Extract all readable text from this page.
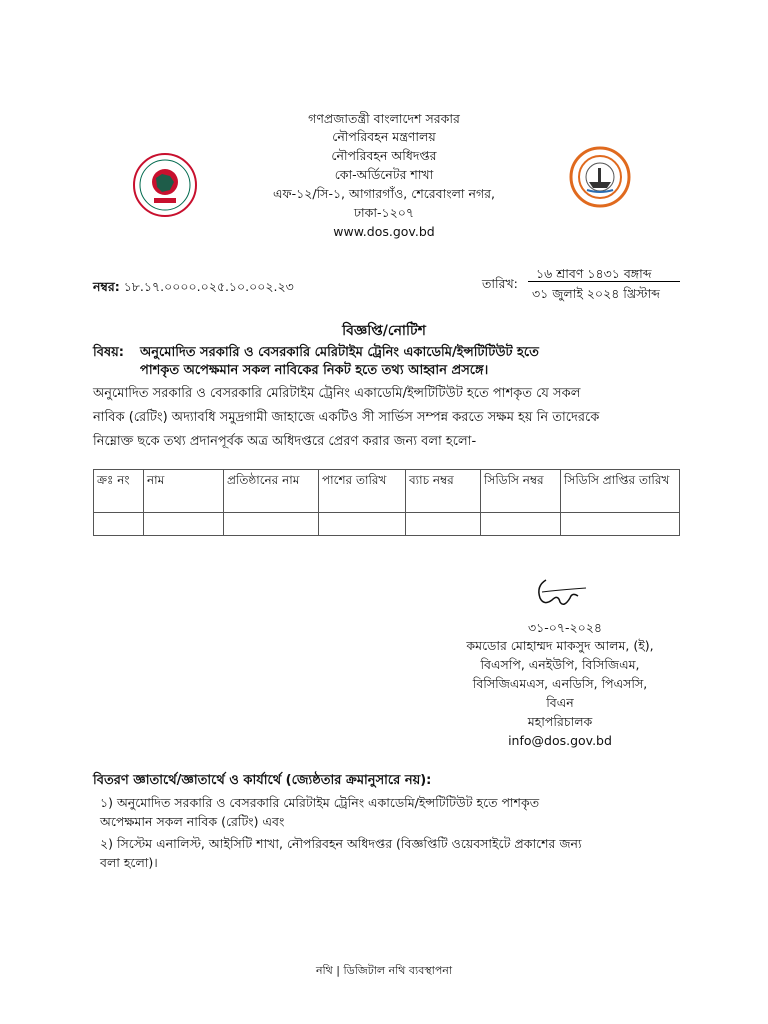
গণপ্রজাতন্ত্রী বাংলাদেশ সরকার
নৌপরিবহন মন্ত্রণালয়
নৌপরিবহন অধিদপ্তর
কো-অর্ডিনেটর শাখা
এফ-১২/সি-১, আগারগাঁও, শেরেবাংলা নগর,
ঢাকা-১২০৭
www.dos.gov.bd
নম্বর: ১৮.১৭.০০০০.০২৫.১০.০০২.২৩	তারিখ:
১৬ শ্রাবণ ১৪৩১ বঙ্গাব্দ
৩১ জুলাই ২০২৪ খ্রিস্টাব্দ
বিজ্ঞপ্তি/নোটিশ
বিষয়: অনুমোদিত সরকারি ও বেসরকারি মেরিটাইম ট্রেনিং একাডেমি/ইন্সটিটিউট হতে
পাশকৃত অপেক্ষমান সকল নাবিকের নিকট হতে তথ্য আহ্বান প্রসঙ্গে।
অনুমোদিত সরকারি ও বেসরকারি মেরিটাইম ট্রেনিং একাডেমি/ইন্সটিটিউট হতে পাশকৃত যে সকল
নাবিক (রেটিং) অদ্যাবধি সমুদ্রগামী জাহাজে একটিও সী সার্ভিস সম্পন্ন করতে সক্ষম হয় নি তাদেরকে
নিম্নোক্ত ছকে তথ্য প্রদানপূর্বক অত্র অধিদপ্তরে প্রেরণ করার জন্য বলা হলো-
ক্রঃ নং	নাম	প্রতিষ্ঠানের নাম	পাশের তারিখ	ব্যাচ নম্বর	সিডিসি নম্বর	সিডিসি প্রাপ্তির তারিখ

৩১-০৭-২০২৪
কমডোর মোহাম্মদ মাকসুদ আলম, (ই),
বিএসপি, এনইউপি, বিসিজিএম,
বিসিজিএমএস, এনডিসি, পিএসসি,
বিএন
মহাপরিচালক
info@dos.gov.bd
বিতরণ জ্ঞাতার্থে/জ্ঞাতার্থে ও কার্যার্থে (জ্যেষ্ঠতার ক্রমানুসারে নয়):
১) অনুমোদিত সরকারি ও বেসরকারি মেরিটাইম ট্রেনিং একাডেমি/ইন্সটিটিউট হতে পাশকৃত
অপেক্ষমান সকল নাবিক (রেটিং) এবং
২) সিস্টেম এনালিস্ট, আইসিটি শাখা, নৌপরিবহন অধিদপ্তর (বিজ্ঞপ্তিটি ওয়েবসাইটে প্রকাশের জন্য
বলা হলো)।
নথি | ডিজিটাল নথি ব্যবস্থাপনা
